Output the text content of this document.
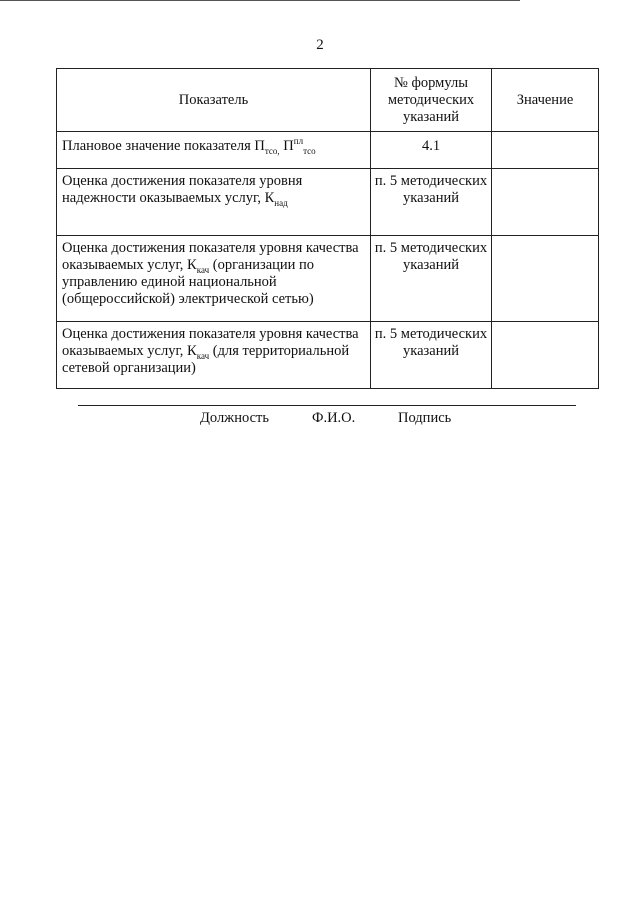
2
Показатель	№ формулы методических указаний	Значение
Плановое значение показателя $П_{тсо,}$ $П^{пл}_{тсо}$	4.1	
Оценка достижения показателя уровня надежности оказываемых услуг, $К_{над}$	п. 5 методических указаний	
Оценка достижения показателя уровня качества оказываемых услуг, $К_{кач}$ (организации по управлению единой национальной (общероссийской) электрической сетью)	п. 5 методических указаний	
Оценка достижения показателя уровня качества оказываемых услуг, $К_{кач}$ (для территориальной сетевой организации)	п. 5 методических указаний	
Должность	Ф.И.О.	Подпись
